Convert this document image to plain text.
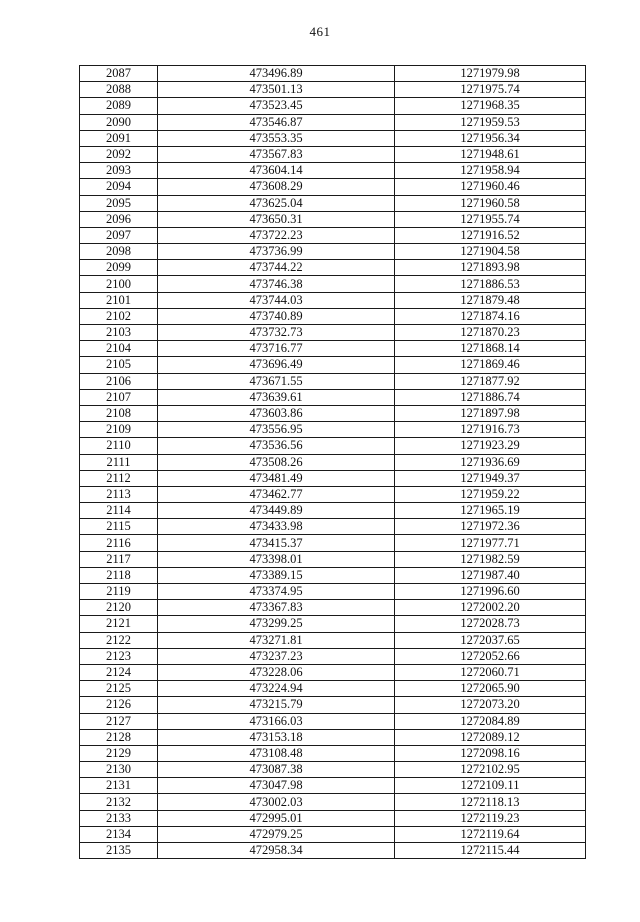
461
2087	473496.89	1271979.98
2088	473501.13	1271975.74
2089	473523.45	1271968.35
2090	473546.87	1271959.53
2091	473553.35	1271956.34
2092	473567.83	1271948.61
2093	473604.14	1271958.94
2094	473608.29	1271960.46
2095	473625.04	1271960.58
2096	473650.31	1271955.74
2097	473722.23	1271916.52
2098	473736.99	1271904.58
2099	473744.22	1271893.98
2100	473746.38	1271886.53
2101	473744.03	1271879.48
2102	473740.89	1271874.16
2103	473732.73	1271870.23
2104	473716.77	1271868.14
2105	473696.49	1271869.46
2106	473671.55	1271877.92
2107	473639.61	1271886.74
2108	473603.86	1271897.98
2109	473556.95	1271916.73
2110	473536.56	1271923.29
2111	473508.26	1271936.69
2112	473481.49	1271949.37
2113	473462.77	1271959.22
2114	473449.89	1271965.19
2115	473433.98	1271972.36
2116	473415.37	1271977.71
2117	473398.01	1271982.59
2118	473389.15	1271987.40
2119	473374.95	1271996.60
2120	473367.83	1272002.20
2121	473299.25	1272028.73
2122	473271.81	1272037.65
2123	473237.23	1272052.66
2124	473228.06	1272060.71
2125	473224.94	1272065.90
2126	473215.79	1272073.20
2127	473166.03	1272084.89
2128	473153.18	1272089.12
2129	473108.48	1272098.16
2130	473087.38	1272102.95
2131	473047.98	1272109.11
2132	473002.03	1272118.13
2133	472995.01	1272119.23
2134	472979.25	1272119.64
2135	472958.34	1272115.44
